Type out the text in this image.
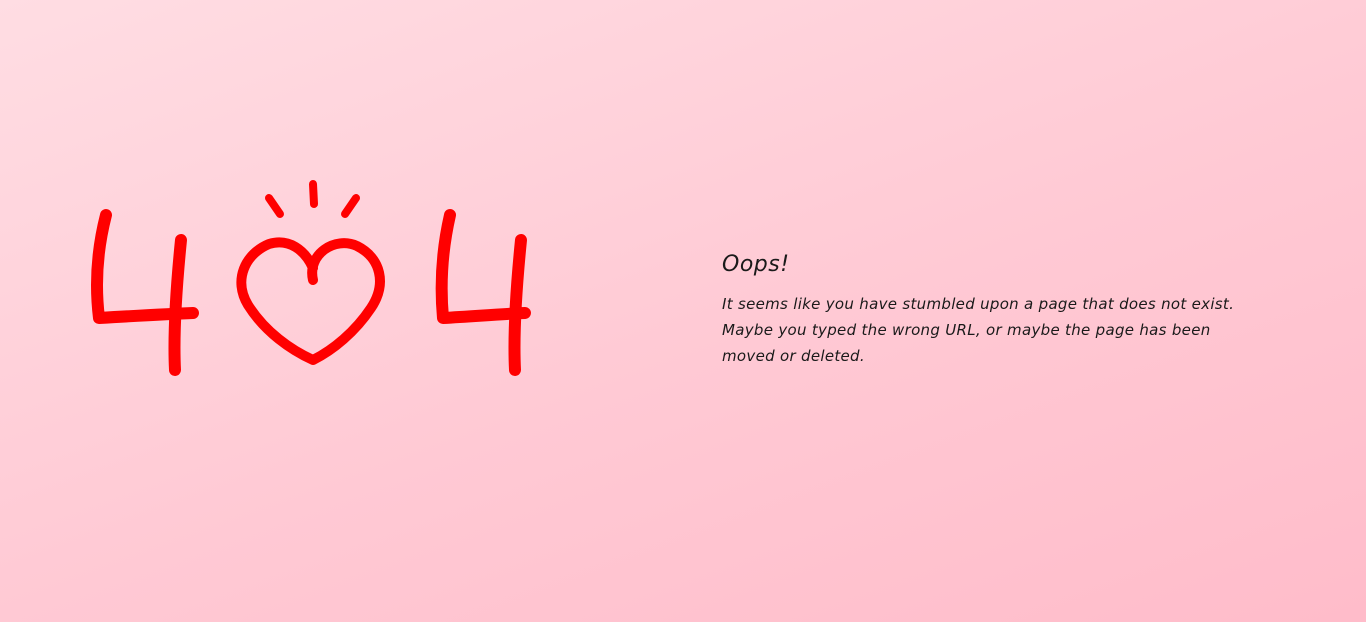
Oops!

It seems like you have stumbled upon a page that does not exist. Maybe you typed the wrong URL, or maybe the page has been moved or deleted.
